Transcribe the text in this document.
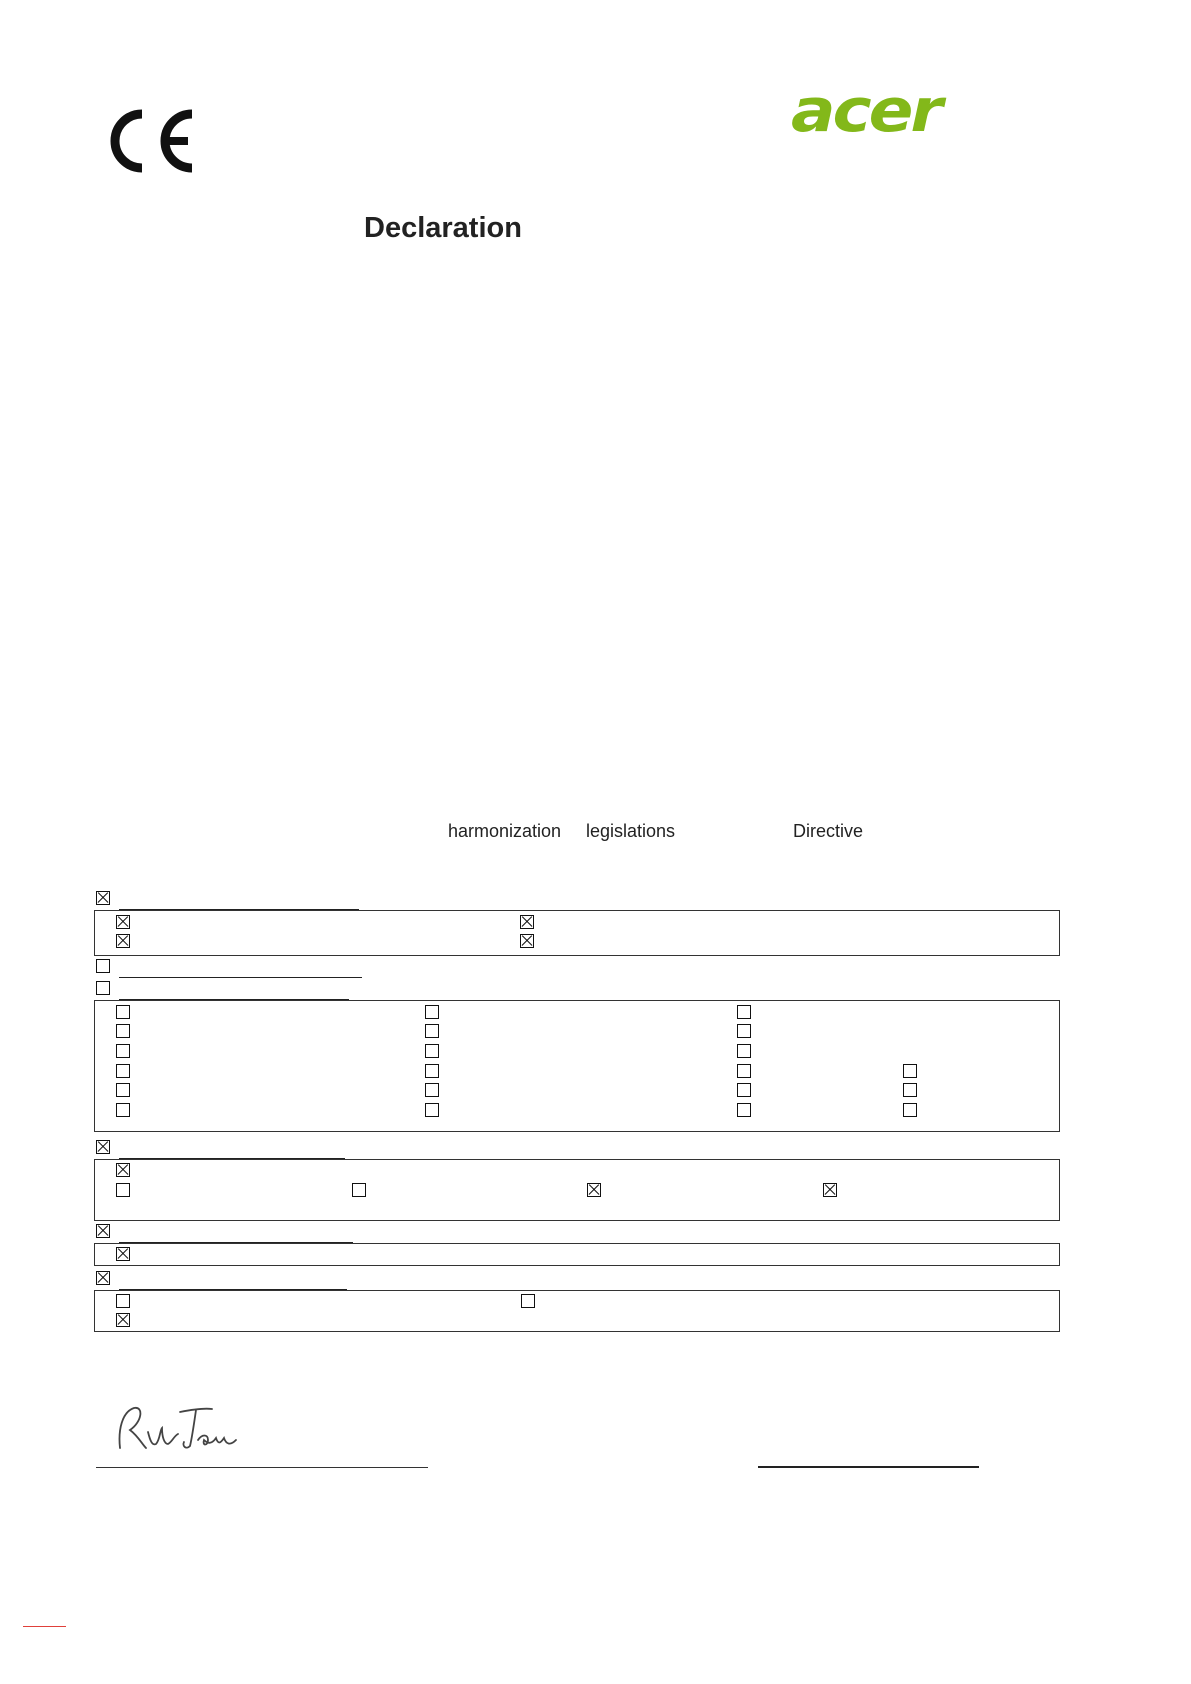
acer
Declaration
harmonization legislations	Directive
